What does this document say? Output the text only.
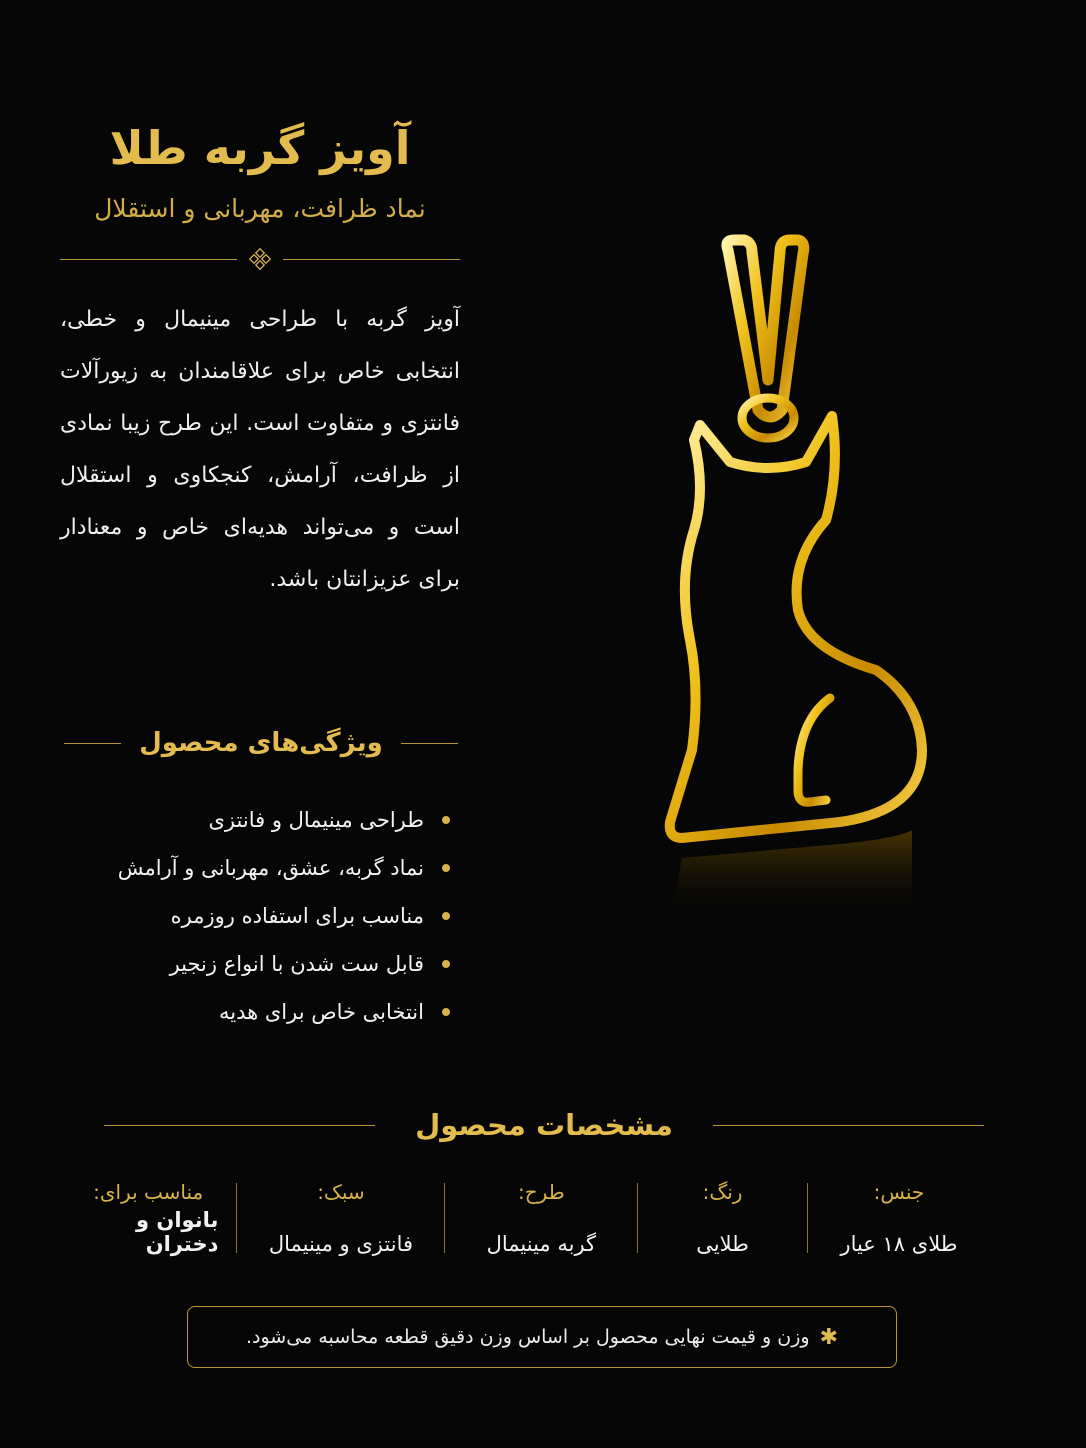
آویز گربه طلا
نماد ظرافت، مهربانی و استقلال

آویز گربه با طراحی مینیمال و خطی، انتخابی خاص برای علاقامندان به زیورآلات فانتزی و متفاوت است. این طرح زیبا نمادی از ظرافت، آرامش، کنجکاوی و استقلال است و می‌تواند هدیه‌ای خاص و معنادار برای عزیزانتان باشد.

ویژگی‌های محصول
طراحی مینیمال و فانتزی
نماد گربه، عشق، مهربانی و آرامش
مناسب برای استفاده روزمره
قابل ست شدن با انواع زنجیر
انتخابی خاص برای هدیه
مشخصات محصول
جنس:
طلای ۱۸ عیار
رنگ:
طلایی
طرح:
گربه مینیمال
سبک:
فانتزی و مینیمال
مناسب برای:
بانوان و دختران
✱
وزن و قیمت نهایی محصول بر اساس وزن دقیق قطعه محاسبه می‌شود.
